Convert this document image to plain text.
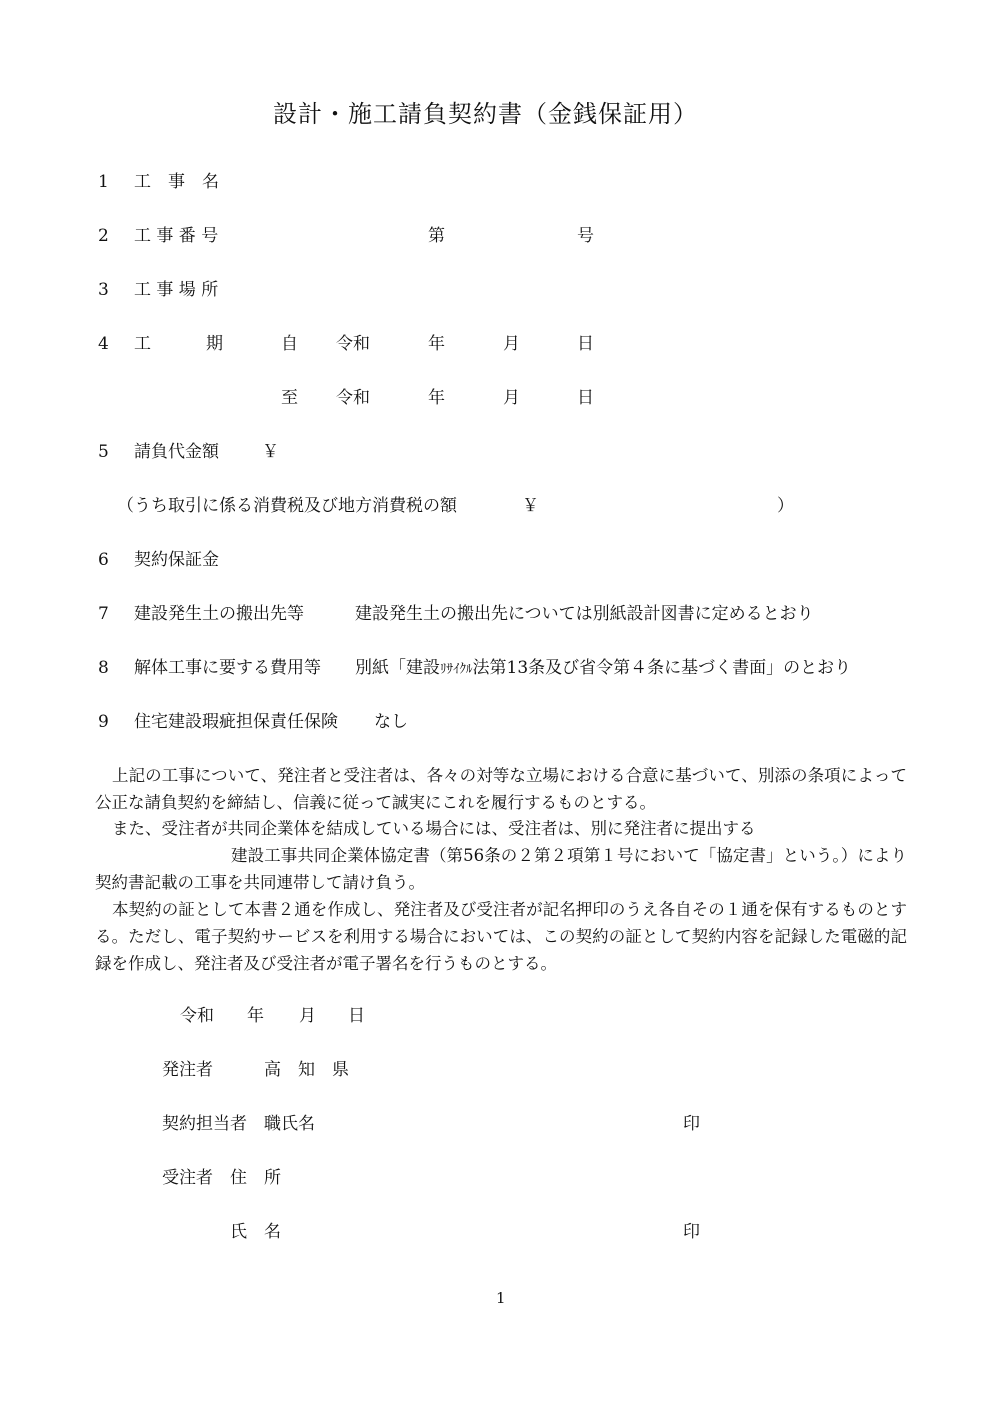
設計・施工請負契約書（金銭保証用）
1 工　事　名
2 工 事 番 号	第	号
3 工 事 場 所
4 工	期	自 令和	年	月	日
至 令和	年	月	日
5 請負代金額	￥
（うち取引に係る消費税及び地方消費税の額	￥	）
6 契約保証金
7 建設発生土の搬出先等	建設発生土の搬出先については別紙設計図書に定めるとおり
8 解体工事に要する費用等 別紙「建設ﾘｻｲｸﾙ法第13条及び省令第４条に基づく書面」のとおり
9 住宅建設瑕疵担保責任保険 なし
上記の工事について、発注者と受注者は、各々の対等な立場における合意に基づいて、別添の条項によって公正な請負契約を締結し、信義に従って誠実にこれを履行するものとする。
また、受注者が共同企業体を結成している場合には、受注者は、別に発注者に提出する
建設工事共同企業体協定書（第56条の２第２項第１号において「協定書」という。）により契約書記載の工事を共同連帯して請け負う。
本契約の証として本書２通を作成し、発注者及び受注者が記名押印のうえ各自その１通を保有するものとする。ただし、電子契約サービスを利用する場合においては、この契約の証として契約内容を記録した電磁的記録を作成し、発注者及び受注者が電子署名を行うものとする。
令和 年 月 日
発注者	高　知　県
契約担当者 職氏名	印
受注者 住　所
氏　名	印
1
